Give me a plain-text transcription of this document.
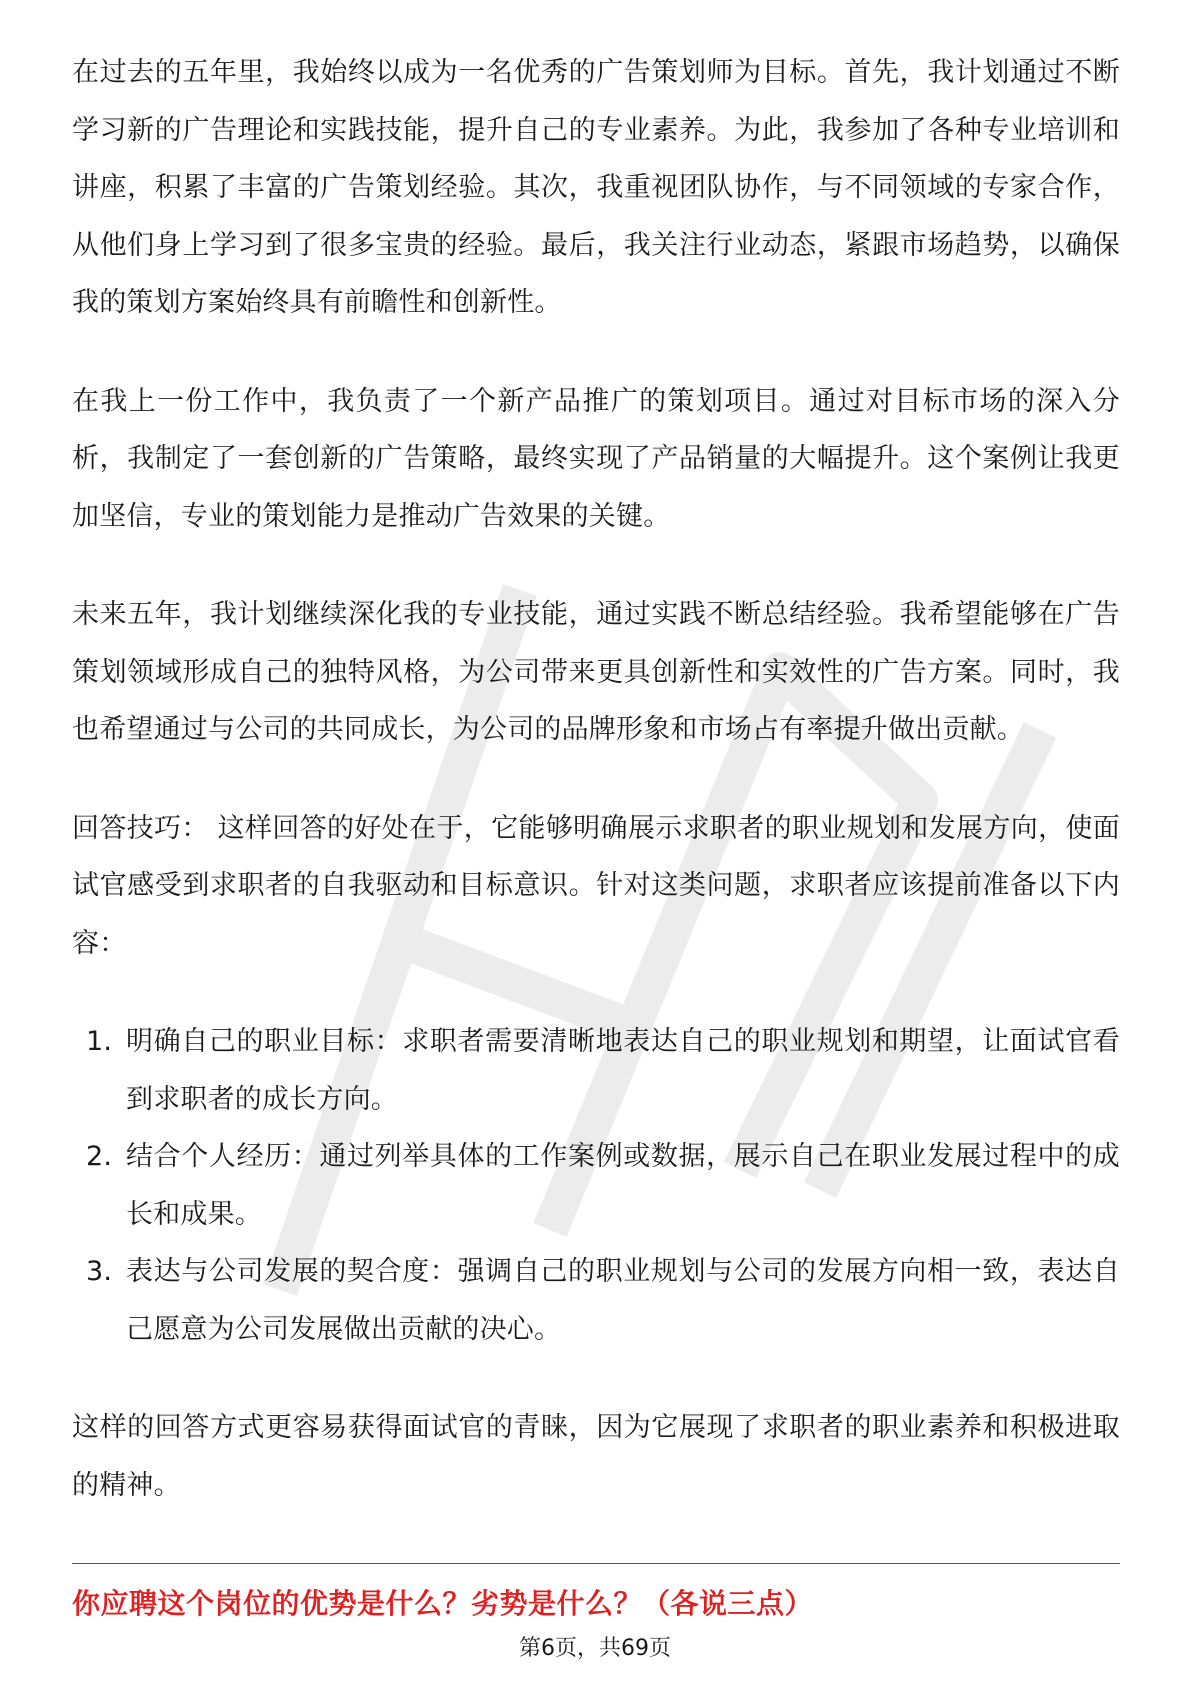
在过去的五年里，我始终以成为一名优秀的广告策划师为目标。首先，我计划通过不断学习新的广告理论和实践技能，提升自己的专业素养。为此，我参加了各种专业培训和讲座，积累了丰富的广告策划经验。其次，我重视团队协作，与不同领域的专家合作，从他们身上学习到了很多宝贵的经验。最后，我关注行业动态，紧跟市场趋势，以确保我的策划方案始终具有前瞻性和创新性。

在我上一份工作中，我负责了一个新产品推广的策划项目。通过对目标市场的深入分析，我制定了一套创新的广告策略，最终实现了产品销量的大幅提升。这个案例让我更加坚信，专业的策划能力是推动广告效果的关键。

未来五年，我计划继续深化我的专业技能，通过实践不断总结经验。我希望能够在广告策划领域形成自己的独特风格，为公司带来更具创新性和实效性的广告方案。同时，我也希望通过与公司的共同成长，为公司的品牌形象和市场占有率提升做出贡献。

回答技巧： 这样回答的好处在于，它能够明确展示求职者的职业规划和发展方向，使面试官感受到求职者的自我驱动和目标意识。针对这类问题，求职者应该提前准备以下内容：

1. 明确自己的职业目标：求职者需要清晰地表达自己的职业规划和期望，让面试官看到求职者的成长方向。
2. 结合个人经历：通过列举具体的工作案例或数据，展示自己在职业发展过程中的成长和成果。
3. 表达与公司发展的契合度：强调自己的职业规划与公司的发展方向相一致，表达自己愿意为公司发展做出贡献的决心。

这样的回答方式更容易获得面试官的青睐，因为它展现了求职者的职业素养和积极进取的精神。

你应聘这个岗位的优势是什么？劣势是什么？（各说三点）
第6页，共69页
